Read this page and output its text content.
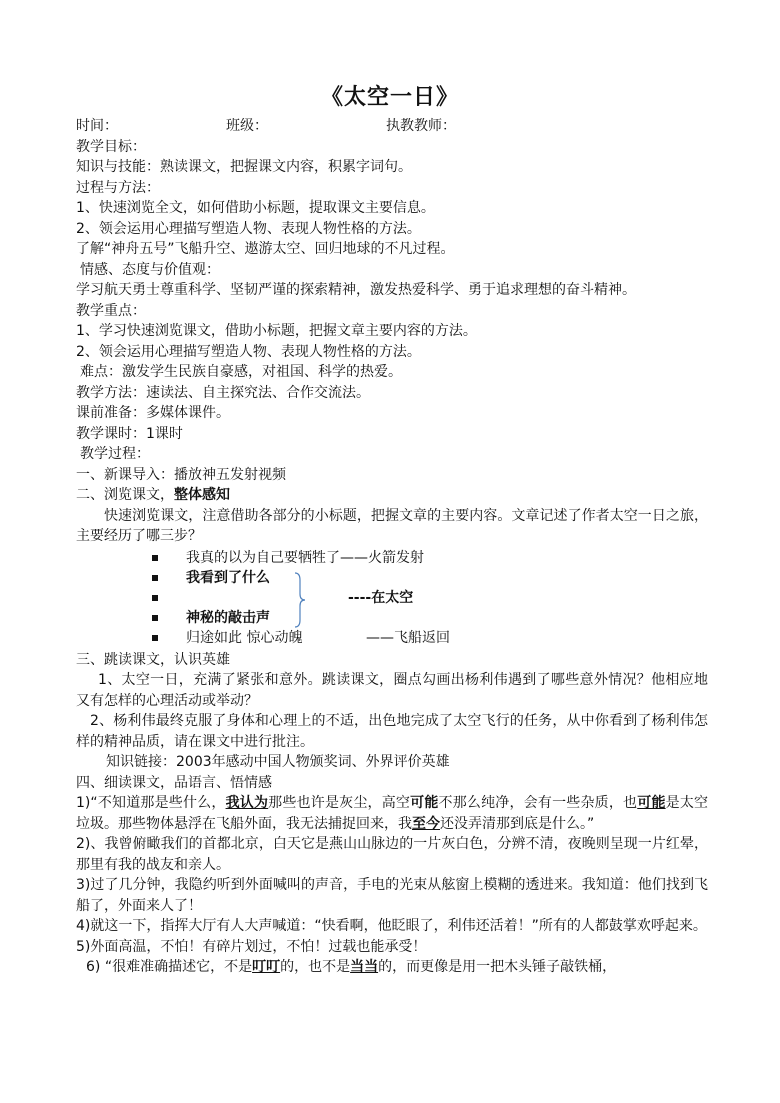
《太空一日》
时间：	班级：	执教教师：
教学目标：
知识与技能：熟读课文，把握课文内容，积累字词句。
过程与方法：
1、快速浏览全文，如何借助小标题，提取课文主要信息。
2、领会运用心理描写塑造人物、表现人物性格的方法。
了解“神舟五号”飞船升空、遨游太空、回归地球的不凡过程。
情感、态度与价值观：
学习航天勇士尊重科学、坚韧严谨的探索精神，激发热爱科学、勇于追求理想的奋斗精神。
教学重点：
1、学习快速浏览课文，借助小标题，把握文章主要内容的方法。
2、领会运用心理描写塑造人物、表现人物性格的方法。
难点：激发学生民族自豪感，对祖国、科学的热爱。
教学方法：速读法、自主探究法、合作交流法。
课前准备：多媒体课件。
教学课时：1课时
教学过程：
一、新课导入：播放神五发射视频
二、浏览课文，整体感知
快速浏览课文，注意借助各部分的小标题，把握文章的主要内容。文章记述了作者太空一日之旅，主要经历了哪三步？
我真的以为自己要牺牲了——火箭发射
我看到了什么
神秘的敲击声
归途如此 惊心动魄
----在太空
——飞船返回
三、跳读课文，认识英雄
1、太空一日，充满了紧张和意外。跳读课文，圈点勾画出杨利伟遇到了哪些意外情况？他相应地又有怎样的心理活动或举动？
2、杨利伟最终克服了身体和心理上的不适，出色地完成了太空飞行的任务，从中你看到了杨利伟怎样的精神品质，请在课文中进行批注。
知识链接：2003年感动中国人物颁奖词、外界评价英雄
四、细读课文，品语言、悟情感
1)“不知道那是些什么，我认为那些也许是灰尘，高空可能不那么纯净，会有一些杂质，也可能是太空垃圾。那些物体悬浮在飞船外面，我无法捕捉回来，我至今还没弄清那到底是什么。”
2)、我曾俯瞰我们的首都北京，白天它是燕山山脉边的一片灰白色，分辨不清，夜晚则呈现一片红晕，那里有我的战友和亲人。
3)过了几分钟，我隐约听到外面喊叫的声音，手电的光束从舷窗上模糊的透进来。我知道：他们找到飞船了，外面来人了！
4)就这一下，指挥大厅有人大声喊道：“快看啊，他眨眼了，利伟还活着！”所有的人都鼓掌欢呼起来。
5)外面高温，不怕！有碎片划过，不怕！过载也能承受！
6) “很难准确描述它，不是叮叮的，也不是当当的，而更像是用一把木头锤子敲铁桶，
